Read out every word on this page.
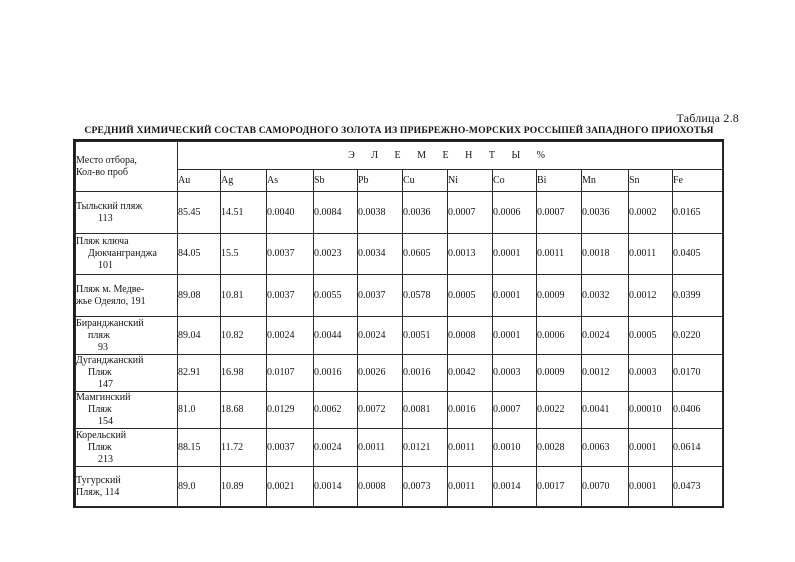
Таблица 2.8
СРЕДНИЙ ХИМИЧЕСКИЙ СОСТАВ САМОРОДНОГО ЗОЛОТА ИЗ ПРИБРЕЖНО-МОРСКИХ РОССЫПЕЙ ЗАПАДНОГО ПРИОХОТЬЯ
Место отбора,
Кол-во проб	Э Л Е М Е Н Т Ы %											
	Au	Ag	As	Sb	Pb	Cu	Ni	Co	Bi	Mn	Sn	Fe

Тыльский пляж
113	85.45	14.51	0.0040	0.0084	0.0038	0.0036	0.0007	0.0006	0.0007	0.0036	0.0002	0.0165

Пляж ключа
Дюкчангранджа
101	84.05	15.5	0.0037	0.0023	0.0034	0.0605	0.0013	0.0001	0.0011	0.0018	0.0011	0.0405

Пляж м. Медве-
жье Одеяло, 191	89.08	10.81	0.0037	0.0055	0.0037	0.0578	0.0005	0.0001	0.0009	0.0032	0.0012	0.0399

Биранджанский
пляж
93	89.04	10.82	0.0024	0.0044	0.0024	0.0051	0.0008	0.0001	0.0006	0.0024	0.0005	0.0220

Дуганджанский
Пляж
147	82.91	16.98	0.0107	0.0016	0.0026	0.0016	0.0042	0.0003	0.0009	0.0012	0.0003	0.0170

Мамгинский
Пляж
154	81.0	18.68	0.0129	0.0062	0.0072	0.0081	0.0016	0.0007	0.0022	0.0041	0.00010	0.0406

Корельский
Пляж
213	88.15	11.72	0.0037	0.0024	0.0011	0.0121	0.0011	0.0010	0.0028	0.0063	0.0001	0.0614

Тугурский
Пляж, 114	89.0	10.89	0.0021	0.0014	0.0008	0.0073	0.0011	0.0014	0.0017	0.0070	0.0001	0.0473
